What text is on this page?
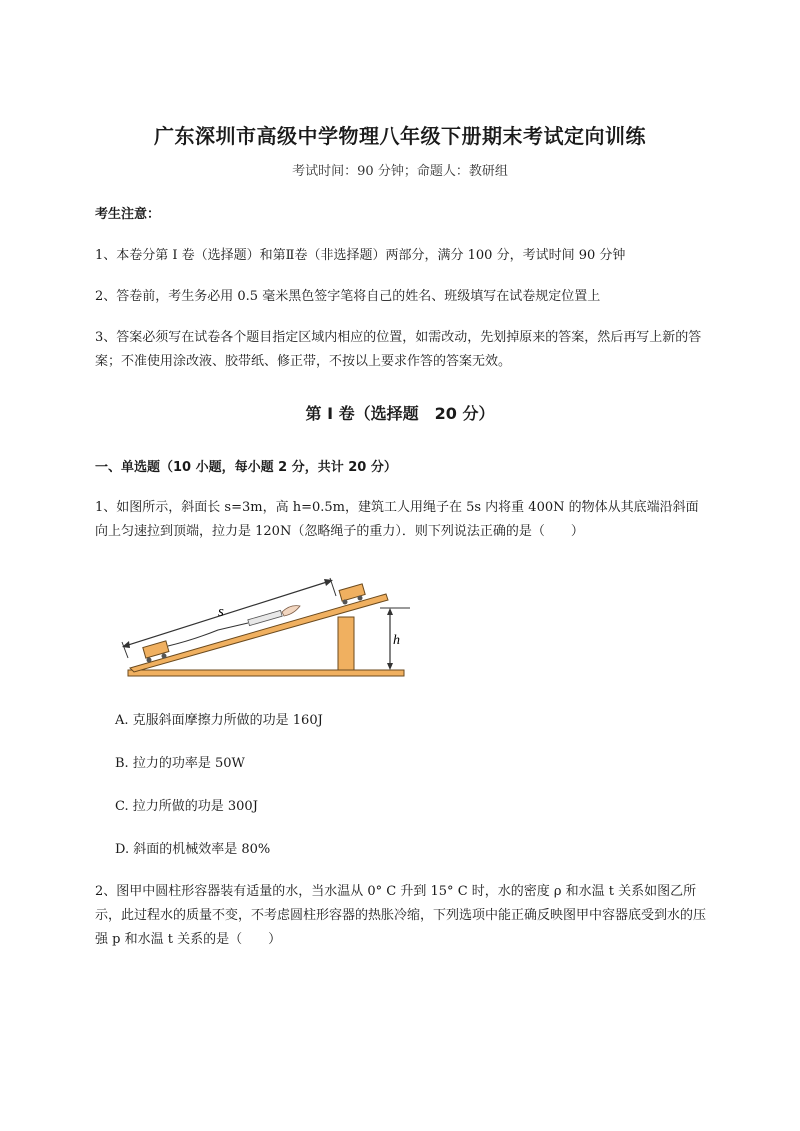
广东深圳市高级中学物理八年级下册期末考试定向训练
考试时间：90 分钟；命题人：教研组
考生注意：
1、本卷分第 I 卷（选择题）和第Ⅱ卷（非选择题）两部分，满分 100 分，考试时间 90 分钟
2、答卷前，考生务必用 0.5 毫米黑色签字笔将自己的姓名、班级填写在试卷规定位置上
3、答案必须写在试卷各个题目指定区域内相应的位置，如需改动，先划掉原来的答案，然后再写上新的答案；不准使用涂改液、胶带纸、修正带，不按以上要求作答的答案无效。
第 I 卷（选择题　20 分）
一、单选题（10 小题，每小题 2 分，共计 20 分）
1、如图所示，斜面长 s=3m，高 h=0.5m，建筑工人用绳子在 5s 内将重 400N 的物体从其底端沿斜面向上匀速拉到顶端，拉力是 120N（忽略绳子的重力）．则下列说法正确的是（　　）
h
s
A. 克服斜面摩擦力所做的功是 160J
B. 拉力的功率是 50W
C. 拉力所做的功是 300J
D. 斜面的机械效率是 80%
2、图甲中圆柱形容器装有适量的水，当水温从 0° C 升到 15° C 时，水的密度 ρ 和水温 t 关系如图乙所示，此过程水的质量不变，不考虑圆柱形容器的热胀冷缩，下列选项中能正确反映图甲中容器底受到水的压强 p 和水温 t 关系的是（　　）
